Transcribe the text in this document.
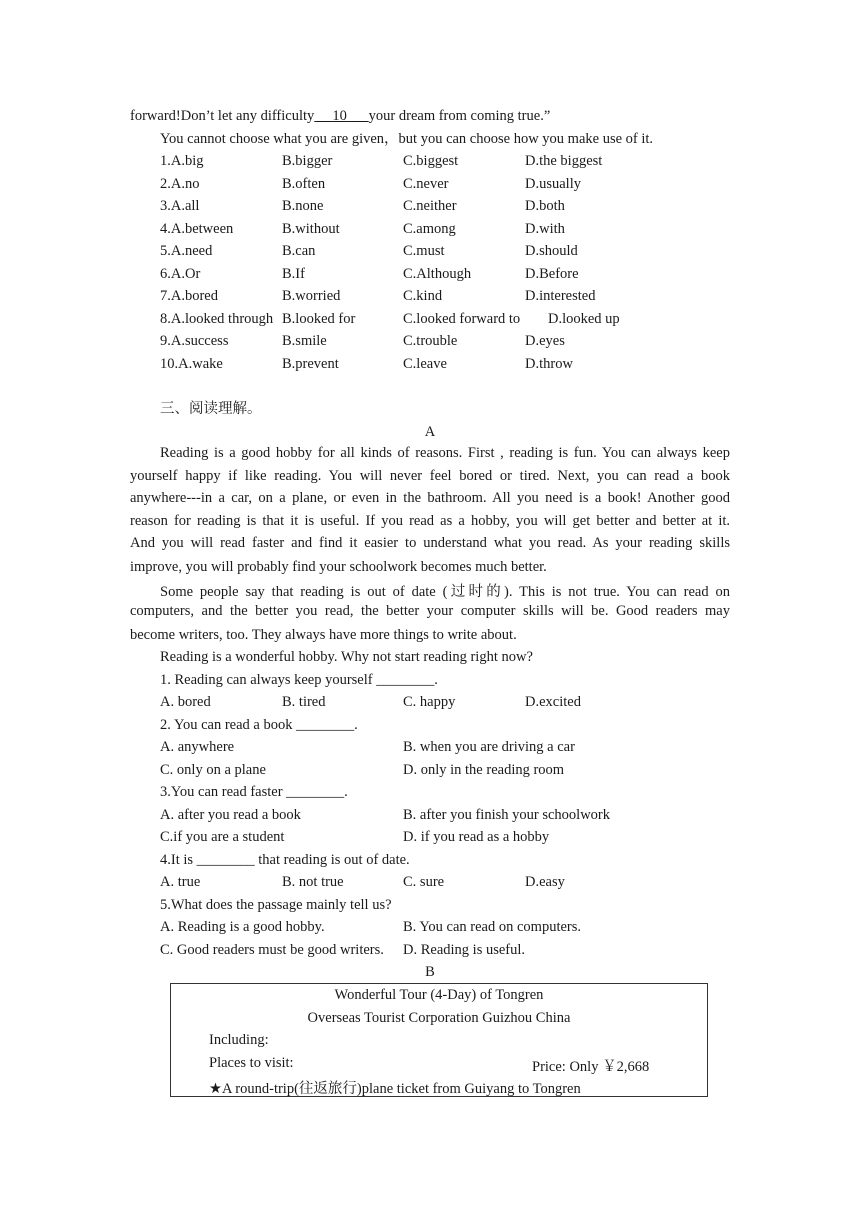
forward!Don’t let any difficulty 10 your dream from coming true.”
You cannot choose what you are given，but you can choose how you make use of it.
1.A.big	B.bigger	C.biggest	D.the biggest
2.A.no	B.often	C.never	D.usually
3.A.all	B.none	C.neither	D.both
4.A.between	B.without	C.among	D.with
5.A.need	B.can	C.must	D.should
6.A.Or	B.If	C.Although	D.Before
7.A.bored	B.worried	C.kind	D.interested
8.A.looked through B.looked for	C.looked forward to D.looked up
9.A.success	B.smile	C.trouble	D.eyes
10.A.wake	B.prevent	C.leave	D.throw
三、阅读理解。
A
Reading is a good hobby for all kinds of reasons. First , reading is fun. You can always keep
yourself happy if like reading. You will never feel bored or tired. Next, you can read a book
anywhere---in a car, on a plane, or even in the bathroom. All you need is a book! Another good
reason for reading is that it is useful. If you read as a hobby, you will get better and better at it.
And you will read faster and find it easier to understand what you read. As your reading skills
improve, you will probably find your schoolwork becomes much better.
Some people say that reading is out of date (过时的). This is not true. You can read on
computers, and the better you read, the better your computer skills will be. Good readers may
become writers, too. They always have more things to write about.
Reading is a wonderful hobby. Why not start reading right now?
1. Reading can always keep yourself ________.
A. bored	B. tired	C. happy	D.excited
2. You can read a book ________.
A. anywhere	B. when you are driving a car
C. only on a plane	D. only in the reading room
3.You can read faster ________.
A. after you read a book	B. after you finish your schoolwork
C.if you are a student	D. if you read as a hobby
4.It is ________ that reading is out of date.
A. true	B. not true	C. sure	D.easy
5.What does the passage mainly tell us?
A. Reading is a good hobby.	B. You can read on computers.
C. Good readers must be good writers. D. Reading is useful.
B
Wonderful Tour (4-Day) of Tongren
Overseas Tourist Corporation Guizhou China
Including:
Places to visit:	Price: Only ￥2,668
★A round-trip(往返旅行)plane ticket from Guiyang to Tongren
